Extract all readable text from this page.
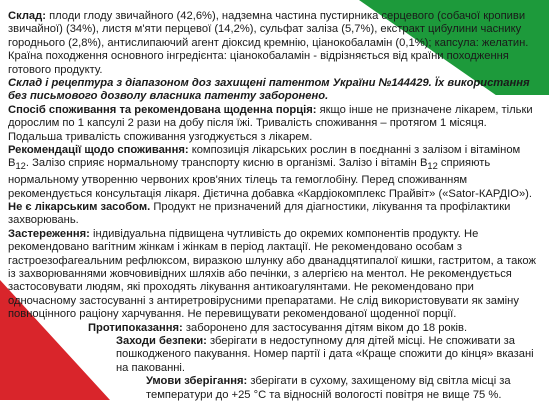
Склад: плоди глоду звичайного (42,6%), надземна частина пустирника серцевого (собачої кропиви звичайної) (34%), листя м'яти перцевої (14,2%), сульфат заліза (5,7%), екстракт цибулини часнику городнього (2,8%), антислипаючий агент діоксид кремнію, ціанокобаламін (0,1%); капсула: желатин. Країна походження основного інгредієнта: ціанокобаламін - відрізняється від країни походження готового продукту.

Склад і рецептура з діапазоном доз захищені патентом України №144429. Їх використання без письмового дозволу власника патенту заборонено.

Спосіб споживання та рекомендована щоденна порція: якщо інше не призначене лікарем, тільки дорослим по 1 капсулі 2 рази на добу після їжі. Тривалість споживання – протягом 1 місяця. Подальша тривалість споживання узгоджується з лікарем.

Рекомендації щодо споживання: композиція лікарських рослин в поєднанні з залізом і вітаміном $B_{12}$. Залізо сприяє нормальному транспорту кисню в організмі. Залізо і вітамін $B_{12}$ сприяють нормальному утворенню червоних кров'яних тілець та гемоглобіну. Перед споживанням рекомендується консультація лікаря. Дієтична добавка «Кардіокомплекс Прайвіт» («Sator-КАРДІО»).

Не є лікарським засобом. Продукт не призначений для діагностики, лікування та профілактики захворювань.

Застереження: індивідуальна підвищена чутливість до окремих компонентів продукту. Не рекомендовано вагітним жінкам і жінкам в період лактації. Не рекомендовано особам з гастроезофагеальним рефлюксом, виразкою шлунку або дванадцятипалої кишки, гастритом, а також із захворюваннями жовчовивідних шляхів або печінки, з алергією на ментол. Не рекомендується застосовувати людям, які проходять лікування антикоагулянтами. Не рекомендовано при одночасному застосуванні з антиретровірусними препаратами. Не слід використовувати як заміну повноцінного раціону харчування. Не перевищувати рекомендованої щоденної порції.

Протипоказання: заборонено для застосування дітям віком до 18 років.

Заходи безпеки: зберігати в недоступному для дітей місці. Не споживати за пошкодженого пакування. Номер партії і дата «Краще спожити до кінця» вказані на пакованні.

Умови зберігання: зберігати в сухому, захищеному від світла місці за температури до +25 °C та відносній вологості повітря не вище 75 %.
